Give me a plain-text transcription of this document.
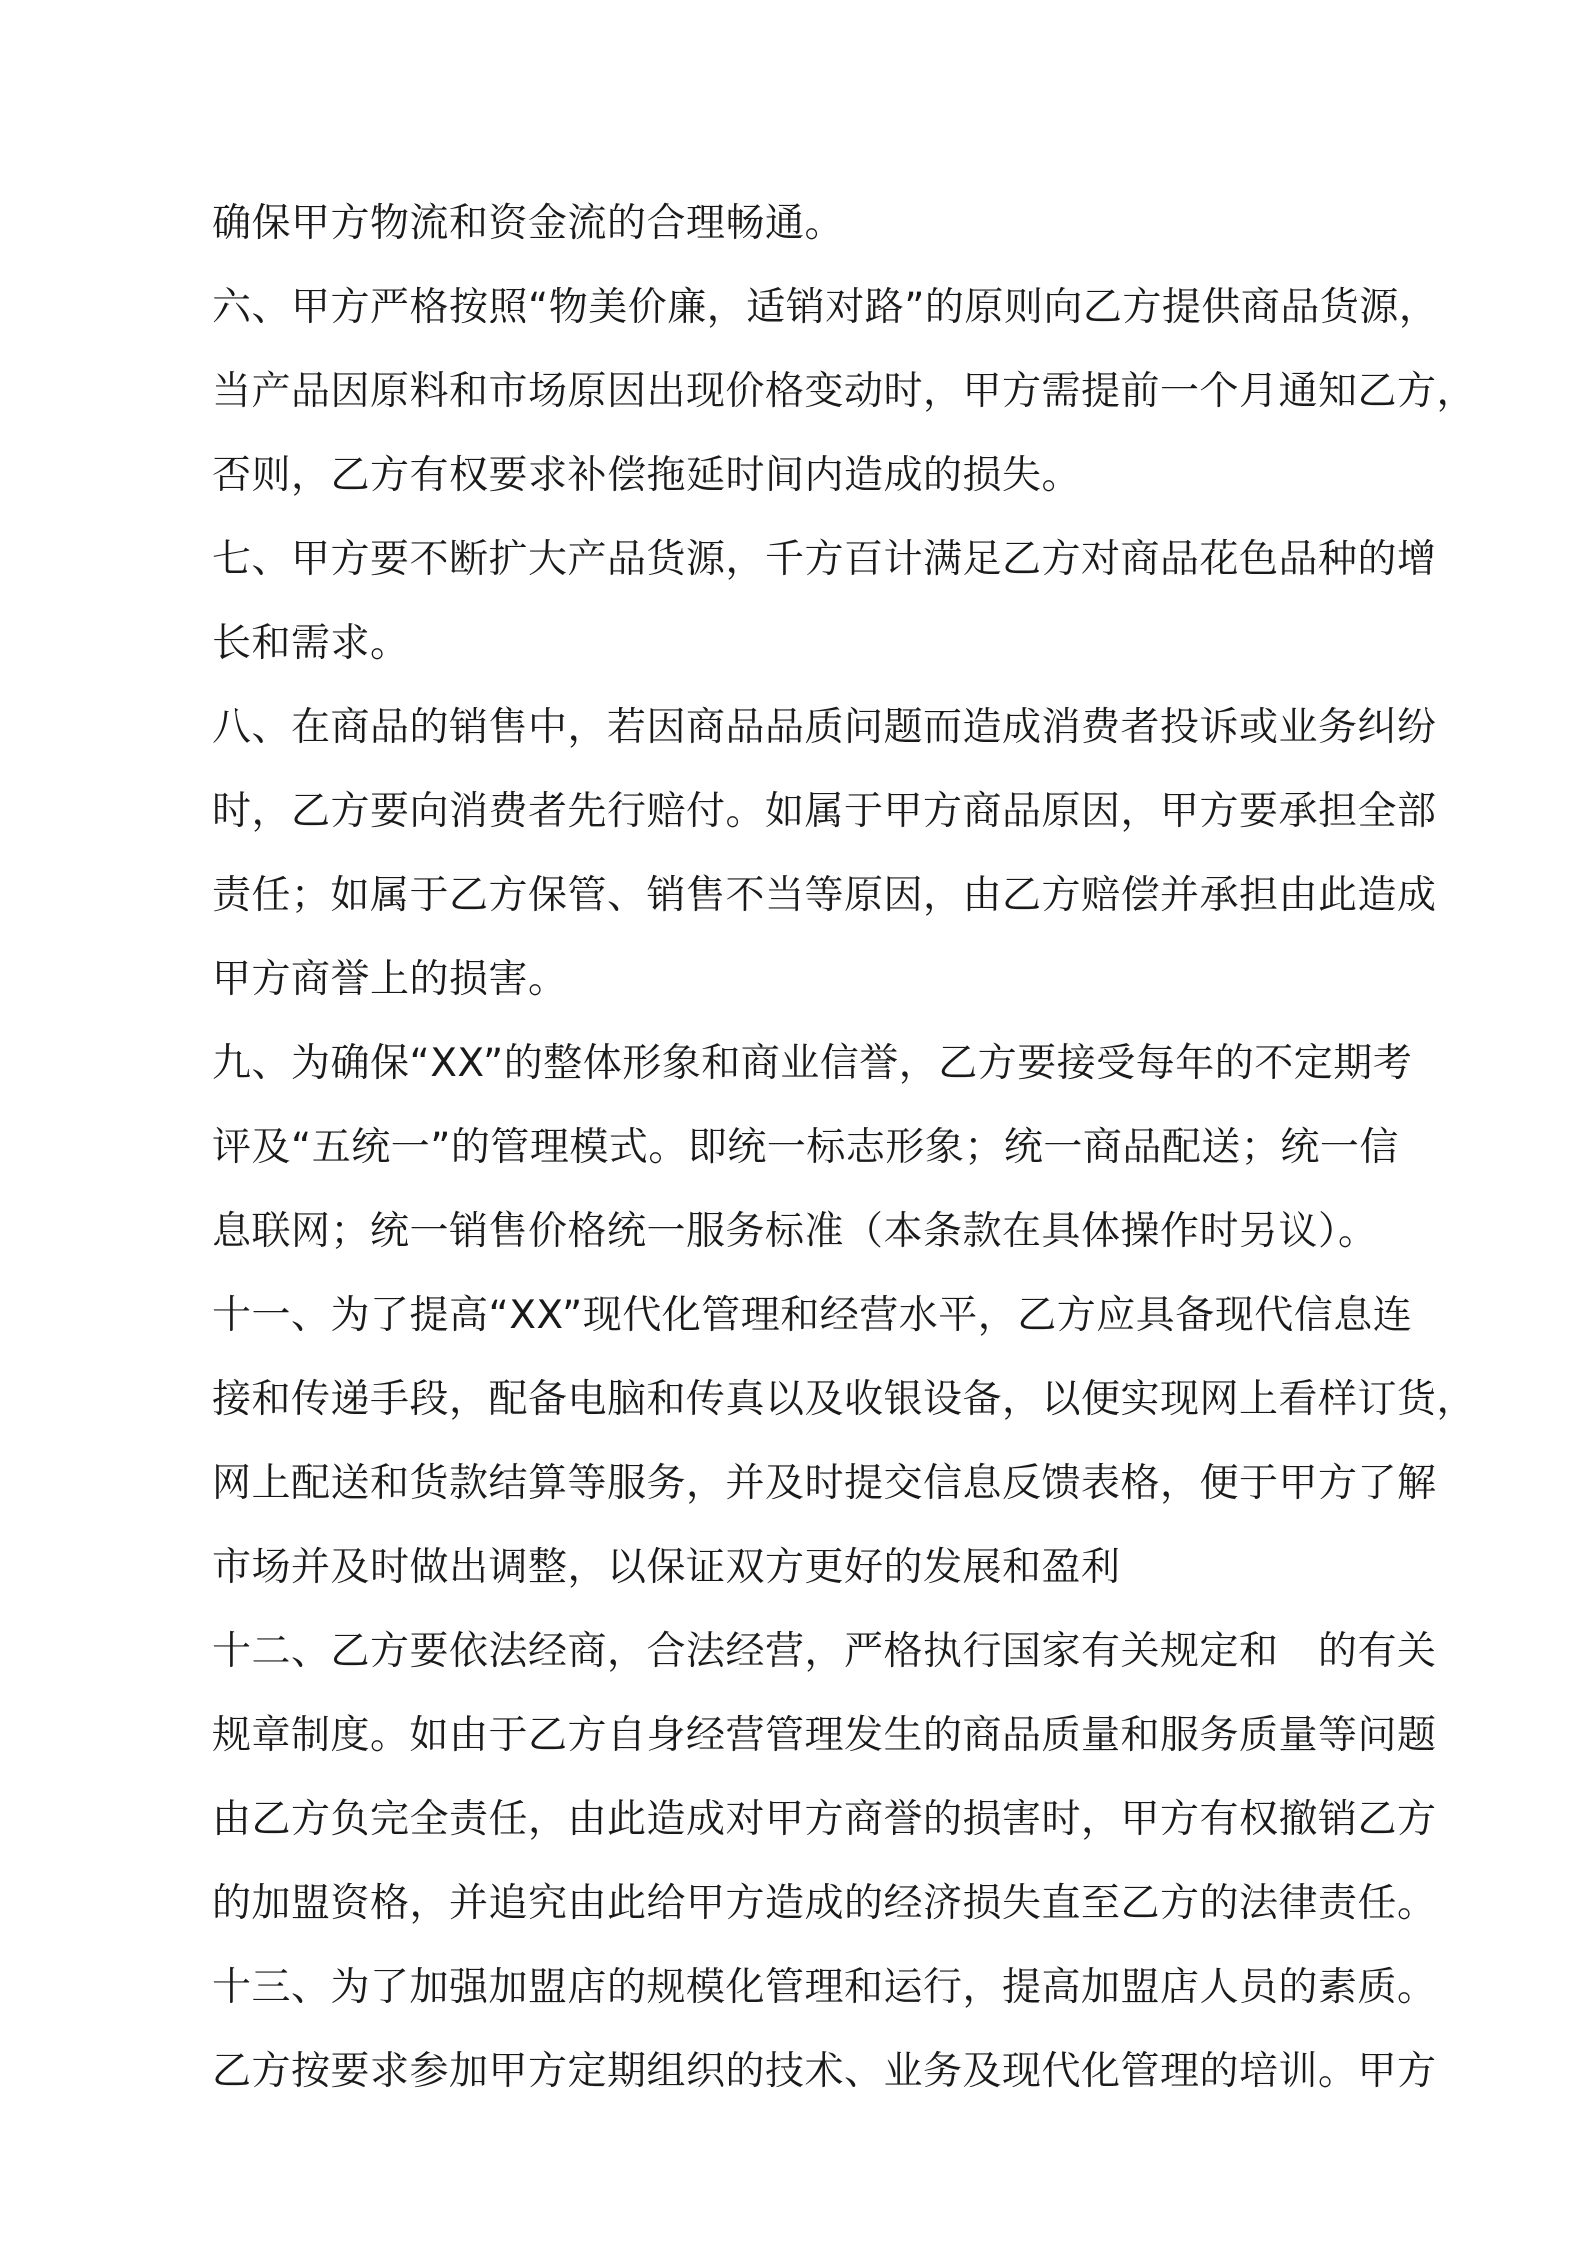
确保甲方物流和资金流的合理畅通。
六、甲方严格按照“物美价廉，适销对路”的原则向乙方提供商品货源，
当产品因原料和市场原因出现价格变动时，甲方需提前一个月通知乙方，
否则，乙方有权要求补偿拖延时间内造成的损失。
七、甲方要不断扩大产品货源，千方百计满足乙方对商品花色品种的增
长和需求。
八、在商品的销售中，若因商品品质问题而造成消费者投诉或业务纠纷
时，乙方要向消费者先行赔付。如属于甲方商品原因，甲方要承担全部
责任；如属于乙方保管、销售不当等原因，由乙方赔偿并承担由此造成
甲方商誉上的损害。
九、为确保“XX”的整体形象和商业信誉，乙方要接受每年的不定期考
评及“五统一”的管理模式。即统一标志形象；统一商品配送；统一信
息联网；统一销售价格统一服务标准（本条款在具体操作时另议）。
十一、为了提高“XX”现代化管理和经营水平，乙方应具备现代信息连
接和传递手段，配备电脑和传真以及收银设备，以便实现网上看样订货，
网上配送和货款结算等服务，并及时提交信息反馈表格，便于甲方了解
市场并及时做出调整，以保证双方更好的发展和盈利
十二、乙方要依法经商，合法经营，严格执行国家有关规定和　的有关
规章制度。如由于乙方自身经营管理发生的商品质量和服务质量等问题
由乙方负完全责任，由此造成对甲方商誉的损害时，甲方有权撤销乙方
的加盟资格，并追究由此给甲方造成的经济损失直至乙方的法律责任。
十三、为了加强加盟店的规模化管理和运行，提高加盟店人员的素质。
乙方按要求参加甲方定期组织的技术、业务及现代化管理的培训。甲方
